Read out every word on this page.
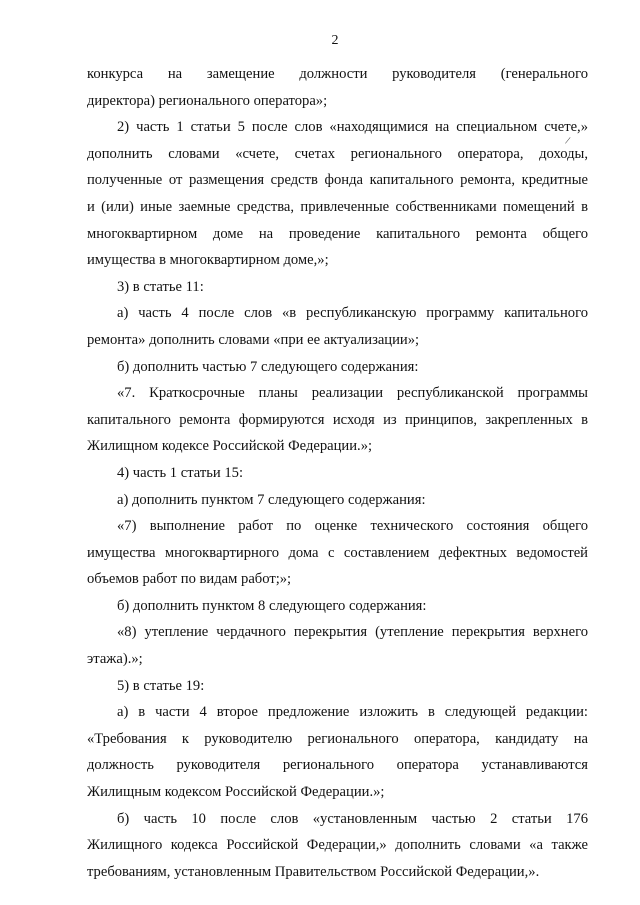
2
/
конкурса на замещение должности руководителя (генерального
директора) регионального оператора»;
2) часть 1 статьи 5 после слов «находящимися на специальном счете,»
дополнить словами «счете, счетах регионального оператора, доходы,
полученные от размещения средств фонда капитального ремонта, кредитные
и (или) иные заемные средства, привлеченные собственниками помещений в
многоквартирном доме на проведение капитального ремонта общего
имущества в многоквартирном доме,»;
3) в статье 11:
а) часть 4 после слов «в республиканскую программу капитального
ремонта» дополнить словами «при ее актуализации»;
б) дополнить частью 7 следующего содержания:
«7. Краткосрочные планы реализации республиканской программы
капитального ремонта формируются исходя из принципов, закрепленных в
Жилищном кодексе Российской Федерации.»;
4) часть 1 статьи 15:
а) дополнить пунктом 7 следующего содержания:
«7) выполнение работ по оценке технического состояния общего
имущества многоквартирного дома с составлением дефектных ведомостей
объемов работ по видам работ;»;
б) дополнить пунктом 8 следующего содержания:
«8) утепление чердачного перекрытия (утепление перекрытия верхнего
этажа).»;
5) в статье 19:
а) в части 4 второе предложение изложить в следующей редакции:
«Требования к руководителю регионального оператора, кандидату на
должность руководителя регионального оператора устанавливаются
Жилищным кодексом Российской Федерации.»;
б) часть 10 после слов «установленным частью 2 статьи 176
Жилищного кодекса Российской Федерации,» дополнить словами «а также
требованиям, установленным Правительством Российской Федерации,».
